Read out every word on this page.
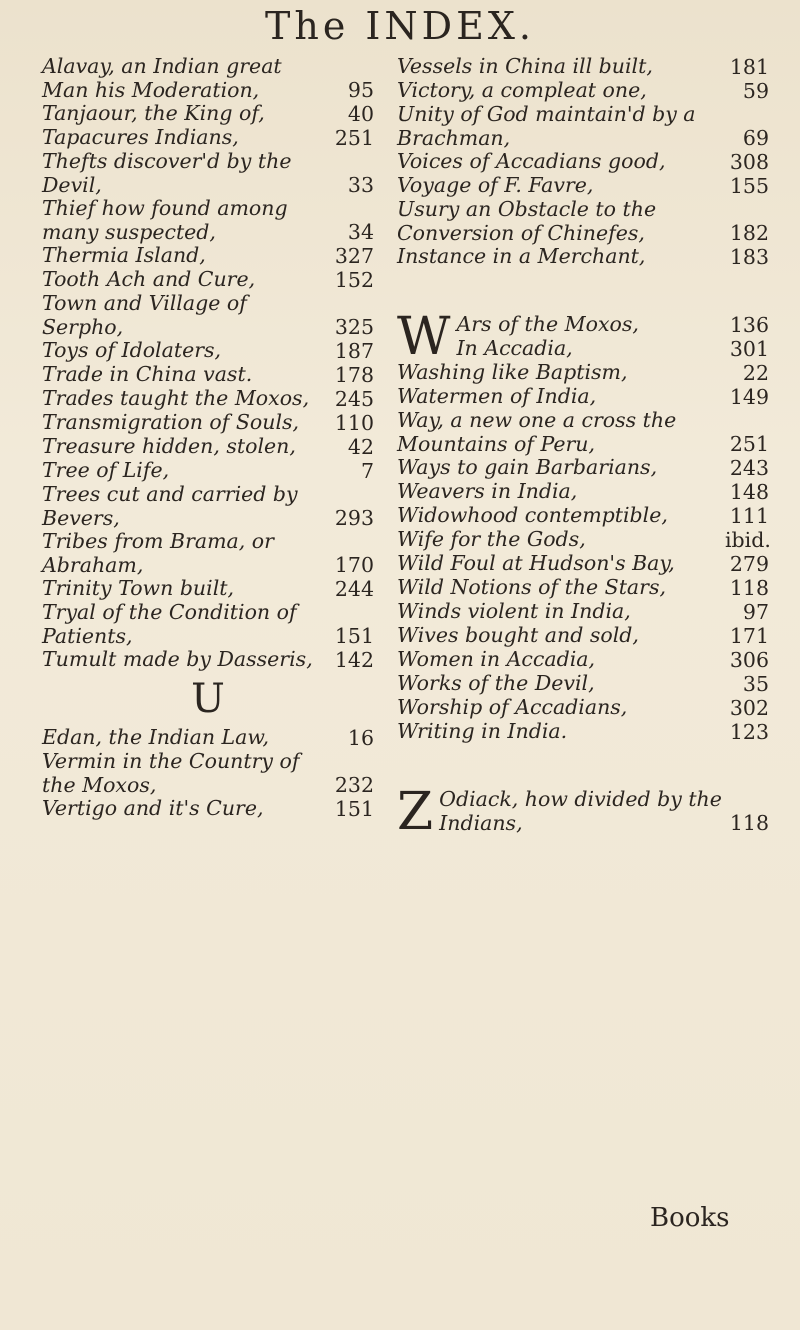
The INDEX.
Alavay, an Indian great Man his Moderation,	95
Tanjaour, the King of,	40
Tapacures Indians,	251
Thefts discover'd by the Devil,	33
Thief how found among many suspected,	34
Thermia Island,	327
Tooth Ach and Cure,	152
Town and Village of Serpho,	325
Toys of Idolaters,	187
Trade in China vast.	178
Trades taught the Moxos,	245
Transmigration of Souls,	110
Treasure hidden, stolen,	42
Tree of Life,	7
Trees cut and carried by Bevers,	293
Tribes from Brama, or Abraham,	170
Trinity Town built,	244
Tryal of the Condition of Patients,	151
Tumult made by Dasseris,	142
U
Edan, the Indian Law,	16
Vermin in the Country of the Moxos,	232
Vertigo and it's Cure,	151
Vessels in China ill built,	181
Victory, a compleat one,	59
Unity of God maintain'd by a Brachman,	69
Voices of Accadians good,	308
Voyage of F. Favre,	155
Usury an Obstacle to the Conversion of Chinefes,	182
Instance in a Merchant,	183
W Ars of the Moxos,	136
In Accadia,	301
Washing like Baptism,	22
Watermen of India,	149
Way, a new one a cross the Mountains of Peru,	251
Ways to gain Barbarians,	243
Weavers in India,	148
Widowhood contemptible,	111
Wife for the Gods,	ibid.
Wild Foul at Hudson's Bay,	279
Wild Notions of the Stars,	118
Winds violent in India,	97
Wives bought and sold,	171
Women in Accadia,	306
Works of the Devil,	35
Worship of Accadians,	302
Writing in India.	123
Z Odiack, how divided by the Indians,	118
Books
